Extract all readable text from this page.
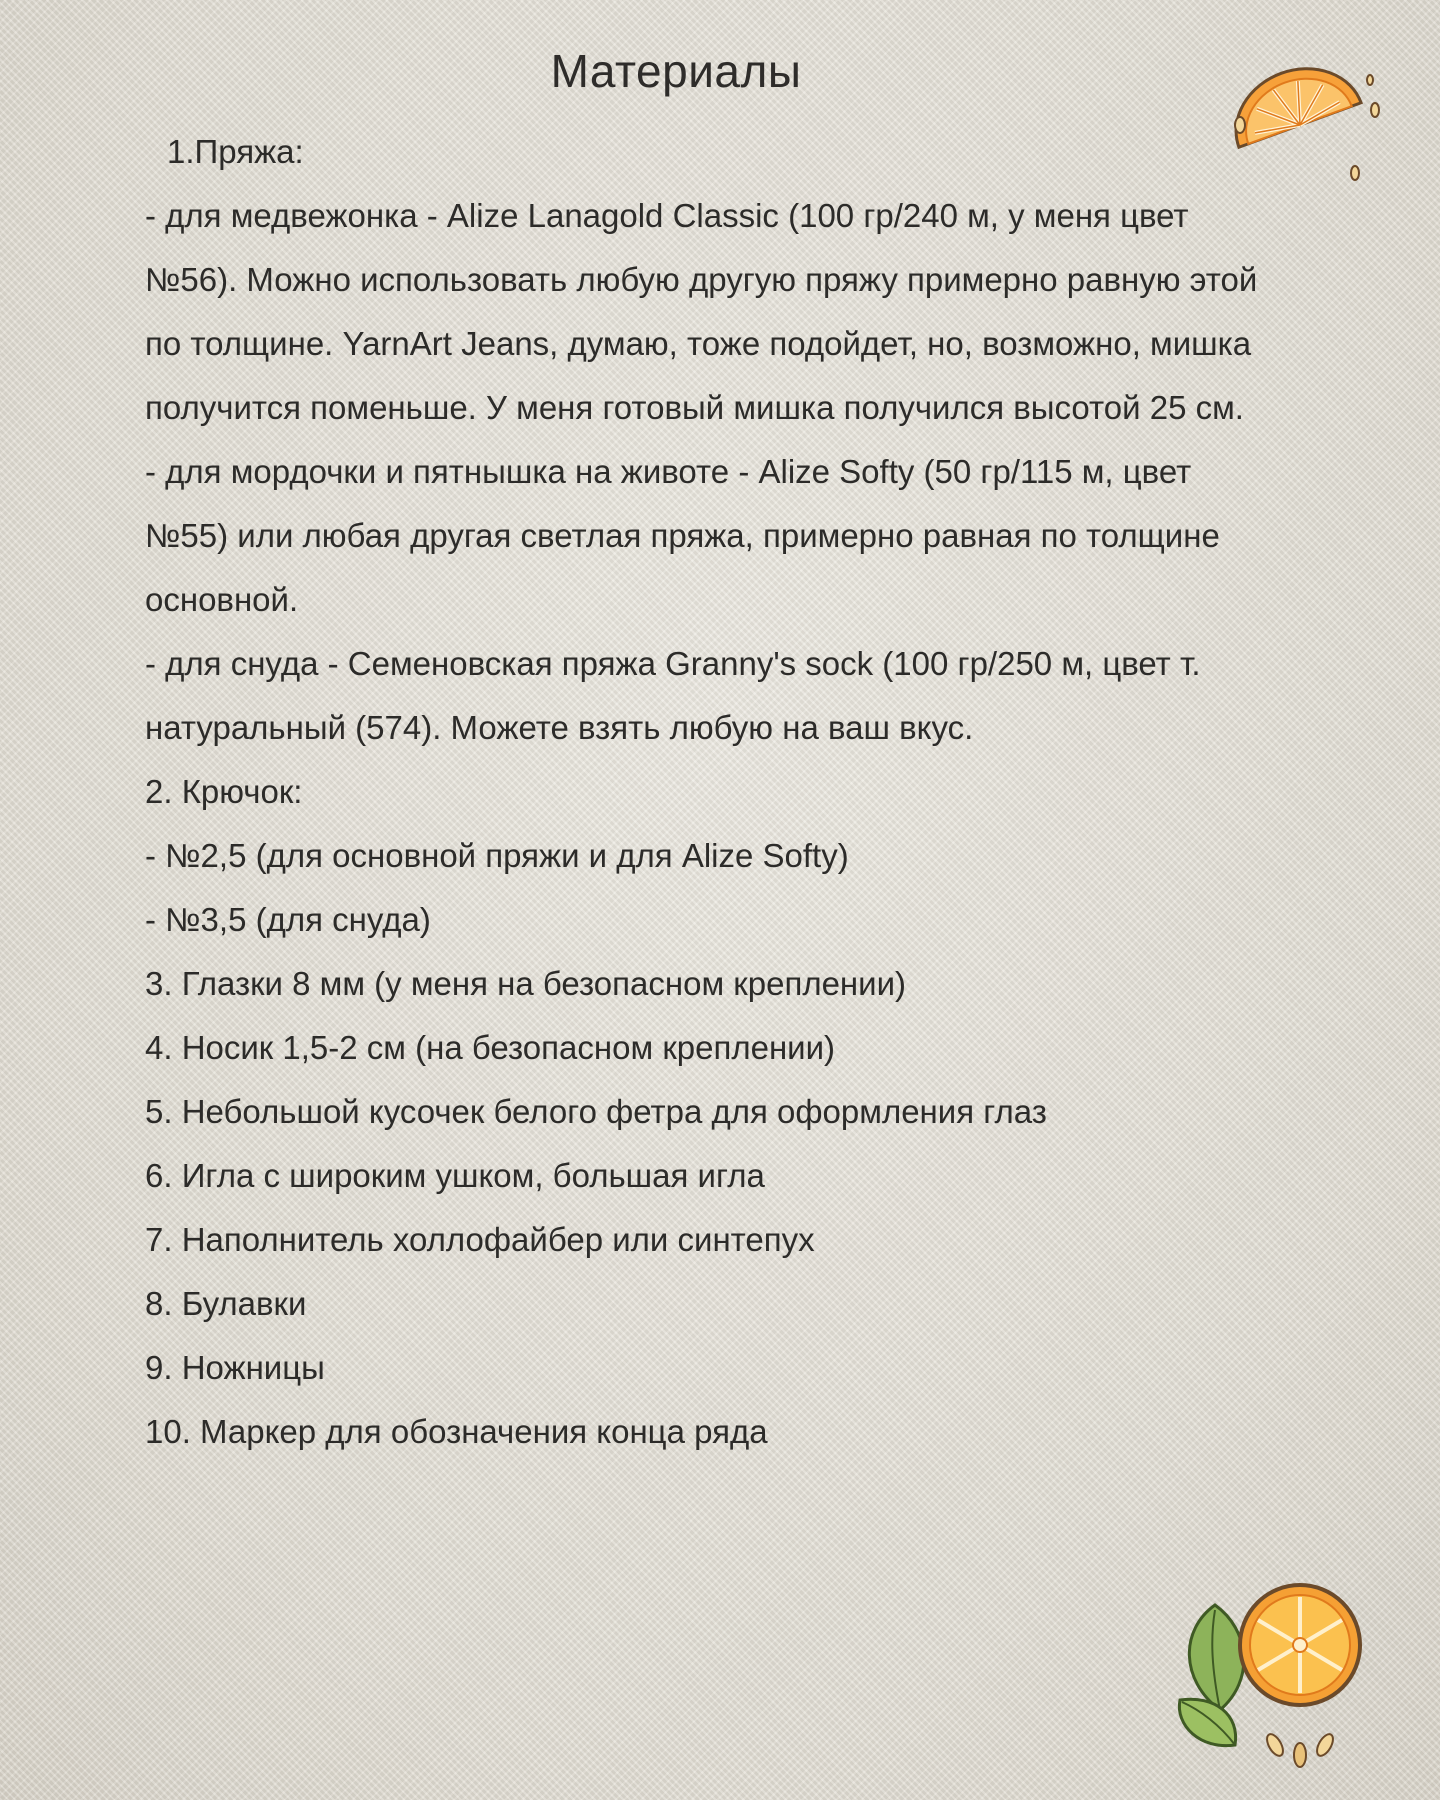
Материалы
1.Пряжа:
- для медвежонка - Alize Lanagold Classic (100 гр/240 м, у меня цвет №56). Можно использовать любую другую пряжу примерно равную этой по толщине. YarnArt Jeans, думаю, тоже подойдет, но, возможно, мишка получится поменьше. У меня готовый мишка получился высотой 25 см.
- для мордочки и пятнышка на животе - Alize Softy (50 гр/115 м, цвет №55) или любая другая светлая пряжа, примерно равная по толщине основной.
- для снуда - Семеновская пряжа Granny's sock (100 гр/250 м, цвет т. натуральный (574). Можете взять любую на ваш вкус.
2. Крючок:
- №2,5 (для основной пряжи и для Alize Softy)
- №3,5 (для снуда)
3. Глазки 8 мм (у меня на безопасном креплении)
4. Носик 1,5-2 см (на безопасном креплении)
5. Небольшой кусочек белого фетра для оформления глаз
6. Игла с широким ушком, большая игла
7. Наполнитель холлофайбер или синтепух
8. Булавки
9. Ножницы
10. Маркер для обозначения конца ряда
